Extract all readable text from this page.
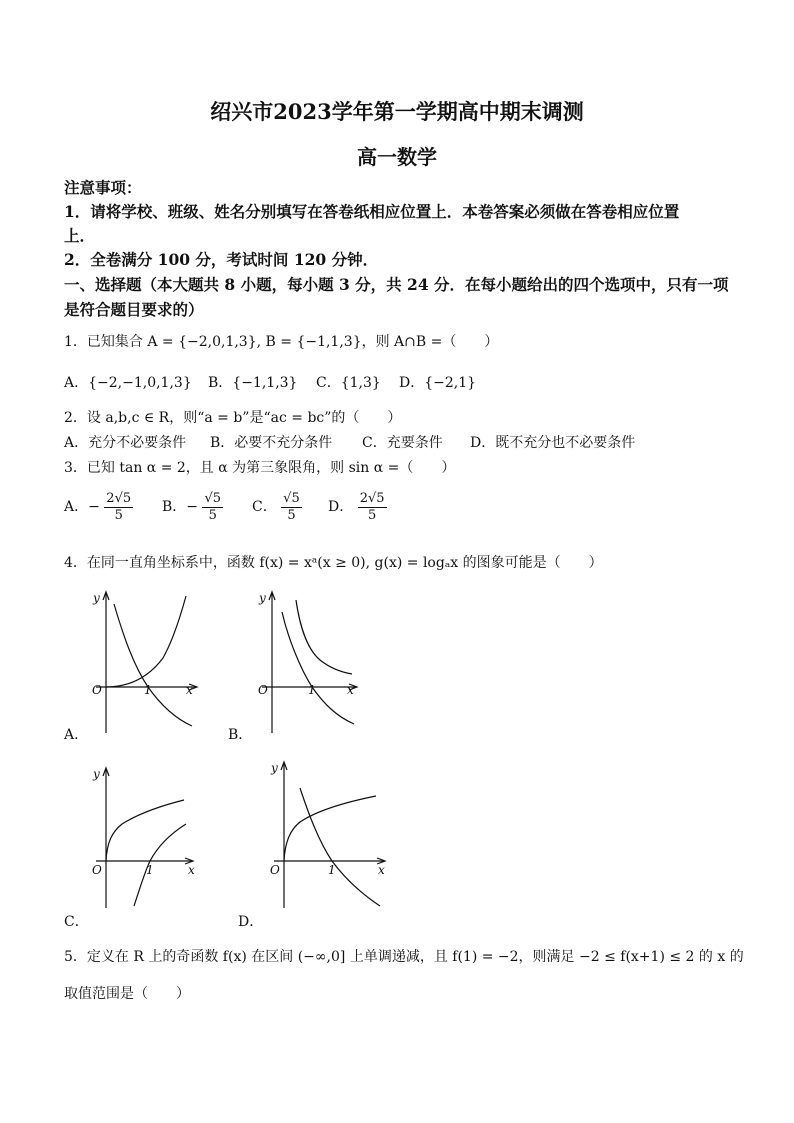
绍兴市2023学年第一学期高中期末调测
高一数学
注意事项：
1．请将学校、班级、姓名分别填写在答卷纸相应位置上．本卷答案必须做在答卷相应位置
上．
2．全卷满分 100 分，考试时间 120 分钟．
一、选择题（本大题共 8 小题，每小题 3 分，共 24 分．在每小题给出的四个选项中，只有一项
是符合题目要求的）
1．已知集合 A = {−2,0,1,3}, B = {−1,1,3}，则 A∩B =（　　）
A．{−2,−1,0,1,3} B．{−1,1,3} C．{1,3} D．{−2,1}
2．设 a,b,c ∈ R，则“a = b”是“ac = bc”的（　　）
A．充分不必要条件 B．必要不充分条件 C．充要条件 D．既不充分也不必要条件
3．已知 tan α = 2，且 α 为第三象限角，则 sin α =（　　）
A．− $\frac{2√5}{5}$ B．− $\frac{√5}{5}$ C． $\frac{√5}{5}$ D． $\frac{2√5}{5}$
4．在同一直角坐标系中，函数 f(x) = xᵃ(x ≥ 0), g(x) = logₐx 的图象可能是（　　）
y
O	1	x
A．
y
O	1	x
B．
y
O	1	x
C．
y
O	1	x
D．
5．定义在 R 上的奇函数 f(x) 在区间 (−∞,0] 上单调递减，且 f(1) = −2，则满足 −2 ≤ f(x+1) ≤ 2 的 x 的
取值范围是（　　）
